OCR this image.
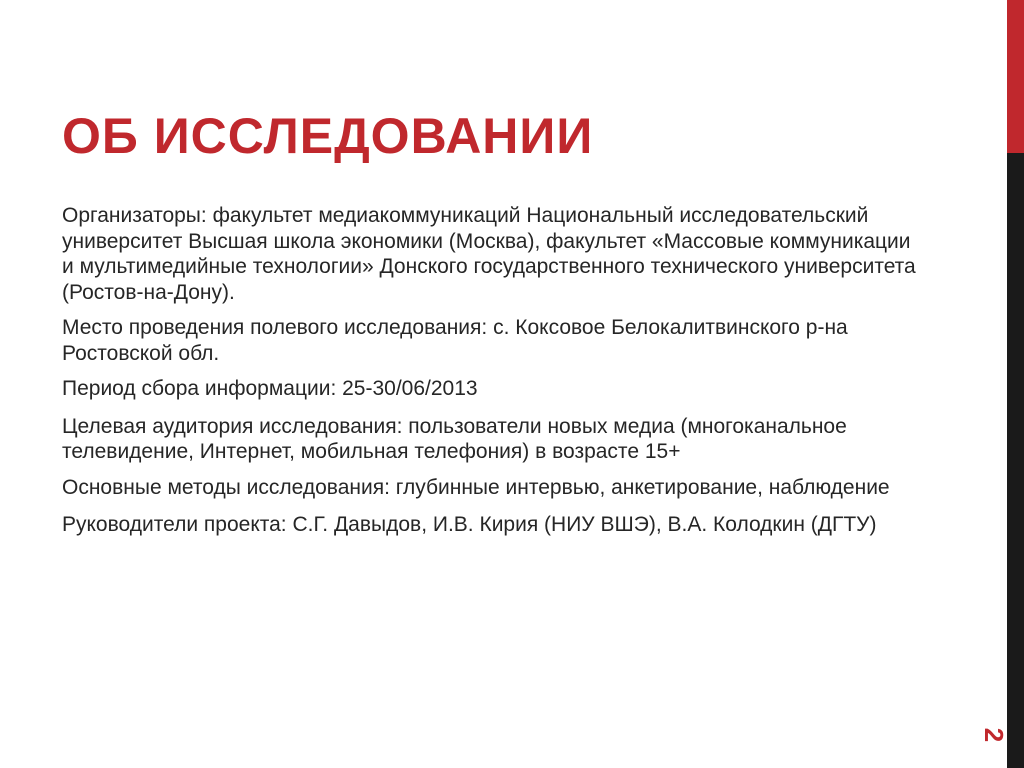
ОБ ИССЛЕДОВАНИИ
Организаторы: факультет медиакоммуникаций Национальный исследовательский университет Высшая школа экономики (Москва), факультет «Массовые коммуникации и мультимедийные технологии» Донского государственного технического университета (Ростов-на-Дону).
Место проведения полевого исследования: с. Коксовое Белокалитвинского р-на Ростовской обл.
Период сбора информации: 25-30/06/2013
Целевая аудитория исследования: пользователи новых медиа (многоканальное телевидение, Интернет, мобильная телефония) в возрасте 15+
Основные методы исследования: глубинные интервью, анкетирование, наблюдение
Руководители проекта: С.Г. Давыдов, И.В. Кирия (НИУ ВШЭ), В.А. Колодкин (ДГТУ)
2
